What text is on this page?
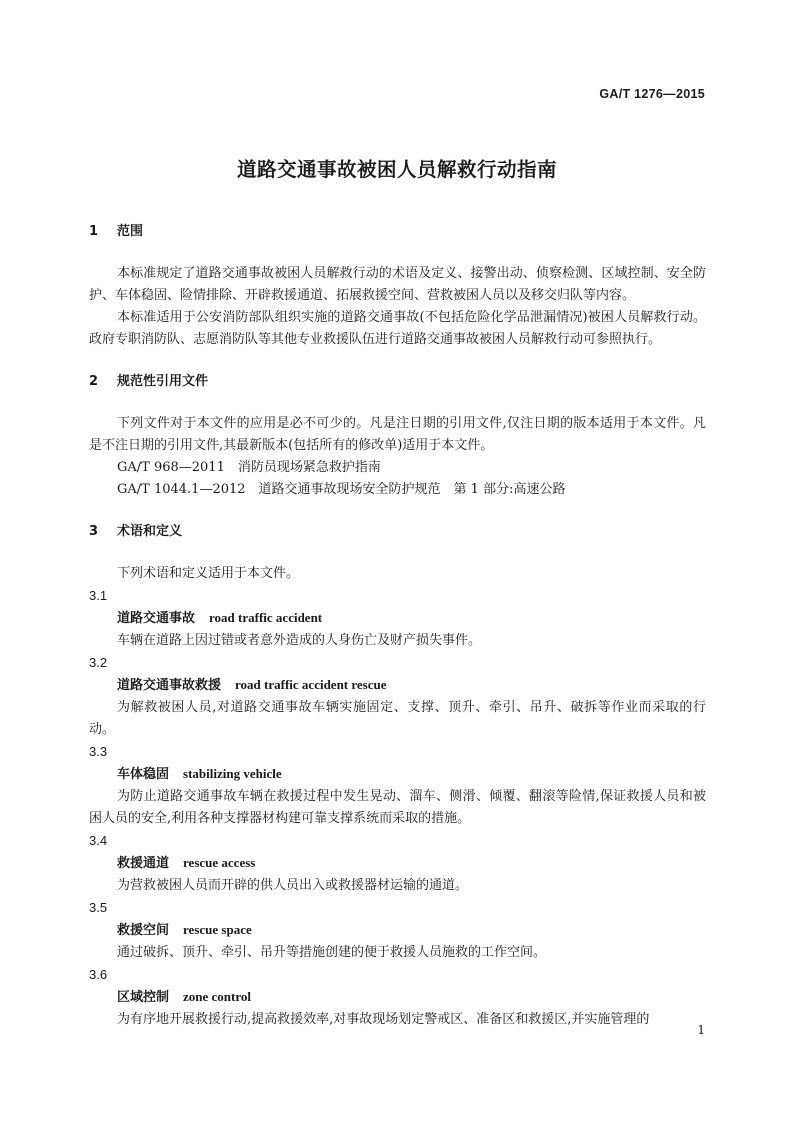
GA/T 1276—2015
道路交通事故被困人员解救行动指南
1 范围

本标准规定了道路交通事故被困人员解救行动的术语及定义、接警出动、侦察检测、区域控制、安全防护、车体稳固、险情排除、开辟救援通道、拓展救援空间、营救被困人员以及移交归队等内容。

本标准适用于公安消防部队组织实施的道路交通事故(不包括危险化学品泄漏情况)被困人员解救行动。政府专职消防队、志愿消防队等其他专业救援队伍进行道路交通事故被困人员解救行动可参照执行。

2 规范性引用文件

下列文件对于本文件的应用是必不可少的。凡是注日期的引用文件,仅注日期的版本适用于本文件。凡是不注日期的引用文件,其最新版本(包括所有的修改单)适用于本文件。

GA/T 968—2011　消防员现场紧急救护指南

GA/T 1044.1—2012　道路交通事故现场安全防护规范　第 1 部分:高速公路

3 术语和定义

下列术语和定义适用于本文件。

3.1

道路交通事故 road traffic accident

车辆在道路上因过错或者意外造成的人身伤亡及财产损失事件。

3.2

道路交通事故救援 road traffic accident rescue

为解救被困人员,对道路交通事故车辆实施固定、支撑、顶升、牵引、吊升、破拆等作业而采取的行动。

3.3

车体稳固 stabilizing vehicle

为防止道路交通事故车辆在救援过程中发生晃动、溜车、侧滑、倾覆、翻滚等险情,保证救援人员和被困人员的安全,利用各种支撑器材构建可靠支撑系统而采取的措施。

3.4

救援通道 rescue access

为营救被困人员而开辟的供人员出入或救援器材运输的通道。

3.5

救援空间 rescue space

通过破拆、顶升、牵引、吊升等措施创建的便于救援人员施救的工作空间。

3.6

区域控制 zone control

为有序地开展救援行动,提高救援效率,对事故现场划定警戒区、准备区和救援区,并实施管理的

1
